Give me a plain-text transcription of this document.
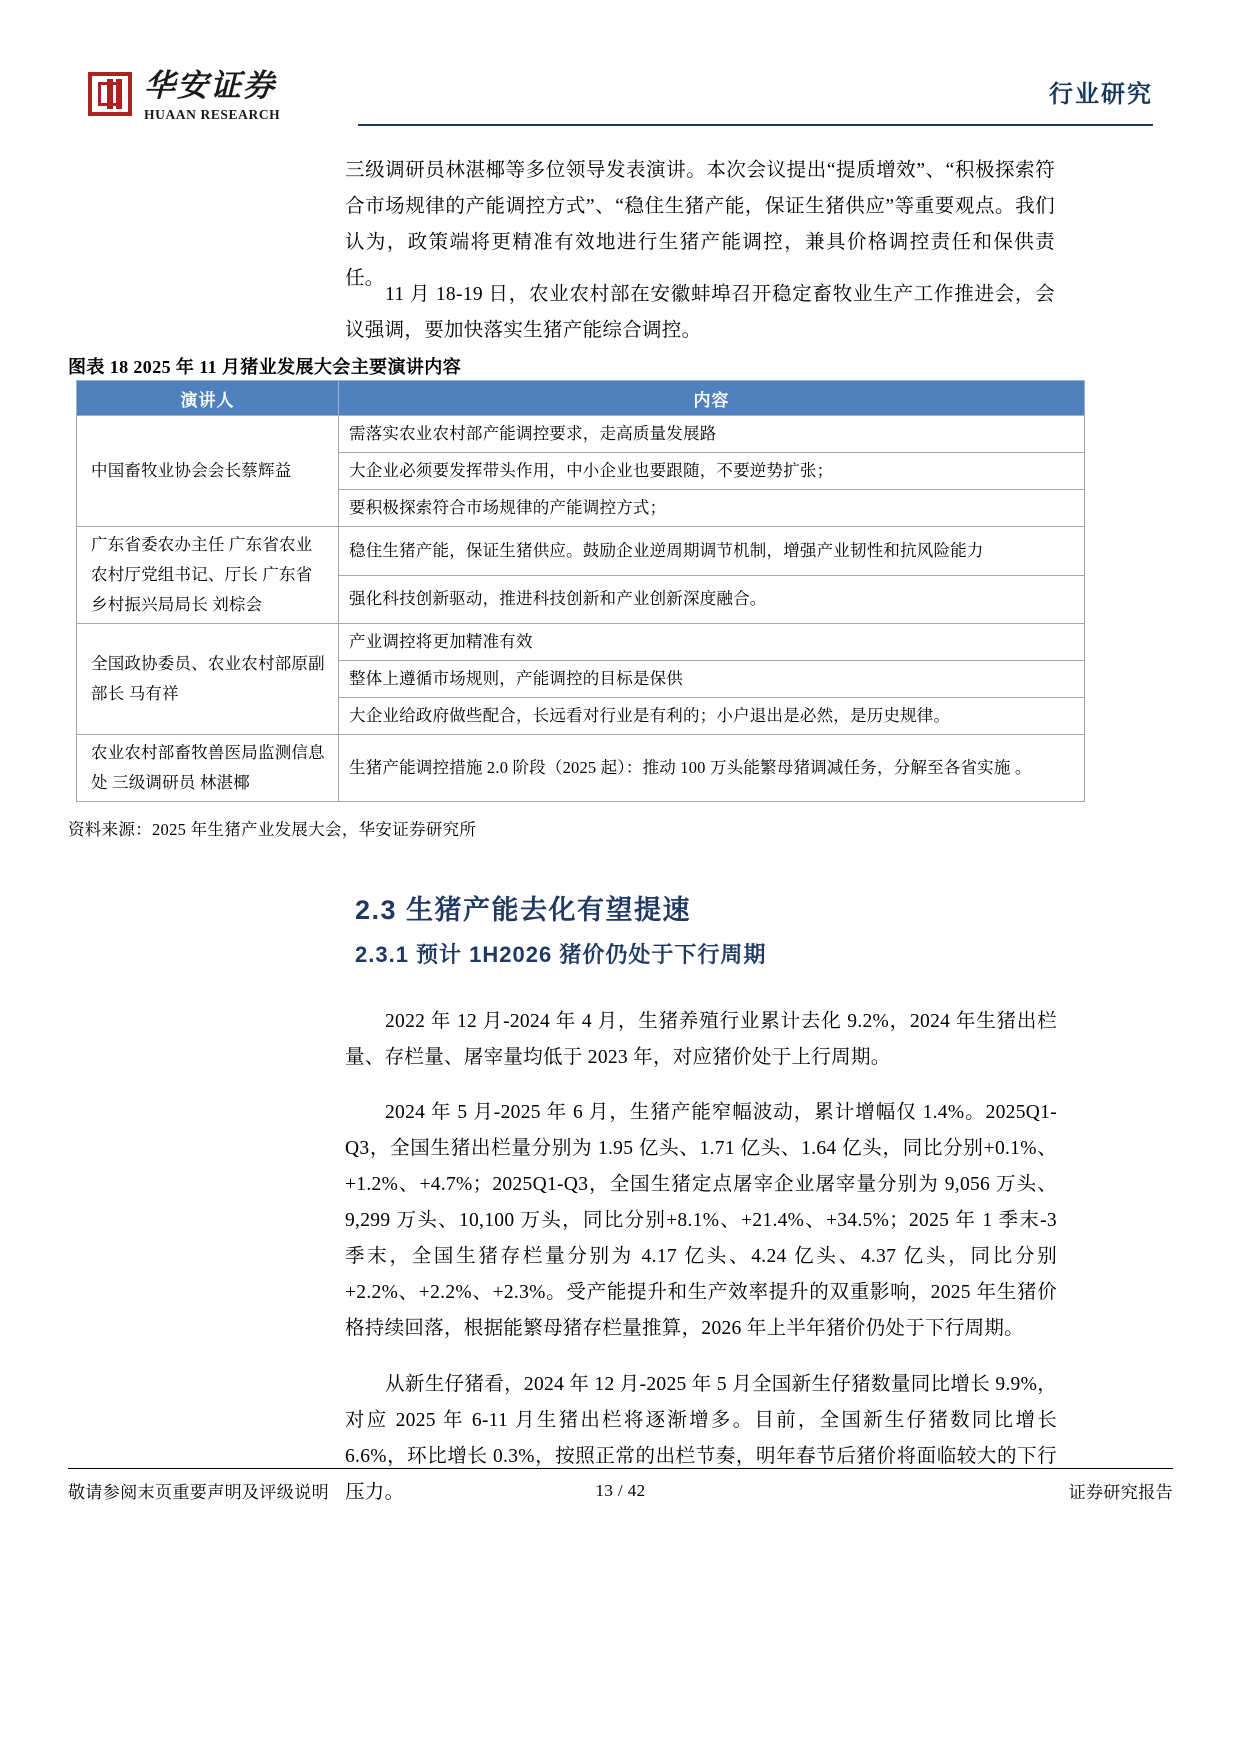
华安证券
HUAAN RESEARCH
行业研究

三级调研员林湛椰等多位领导发表演讲。本次会议提出“提质增效”、“积极探索符合市场规律的产能调控方式”、“稳住生猪产能，保证生猪供应”等重要观点。我们认为，政策端将更精准有效地进行生猪产能调控，兼具价格调控责任和保供责任。

11 月 18-19 日，农业农村部在安徽蚌埠召开稳定畜牧业生产工作推进会，会议强调，要加快落实生猪产能综合调控。

图表 18 2025 年 11 月猪业发展大会主要演讲内容
演讲人	内容
中国畜牧业协会会长蔡辉益	需落实农业农村部产能调控要求，走高质量发展路
	大企业必须要发挥带头作用，中小企业也要跟随，不要逆势扩张；
	要积极探索符合市场规律的产能调控方式；
广东省委农办主任 广东省农业农村厅党组书记、厅长 广东省乡村振兴局局长 刘棕会	稳住生猪产能，保证生猪供应。鼓励企业逆周期调节机制，增强产业韧性和抗风险能力
	强化科技创新驱动，推进科技创新和产业创新深度融合。
全国政协委员、农业农村部原副部长 马有祥	产业调控将更加精准有效
	整体上遵循市场规则，产能调控的目标是保供
	大企业给政府做些配合，长远看对行业是有利的；小户退出是必然，是历史规律。
农业农村部畜牧兽医局监测信息处 三级调研员 林湛椰	生猪产能调控措施 2.0 阶段（2025 起）：推动 100 万头能繁母猪调减任务，分解至各省实施 。
资料来源：2025 年生猪产业发展大会，华安证券研究所
2.3 生猪产能去化有望提速
2.3.1 预计 1H2026 猪价仍处于下行周期

2022 年 12 月-2024 年 4 月，生猪养殖行业累计去化 9.2%，2024 年生猪出栏量、存栏量、屠宰量均低于 2023 年，对应猪价处于上行周期。

2024 年 5 月-2025 年 6 月，生猪产能窄幅波动，累计增幅仅 1.4%。2025Q1-Q3，全国生猪出栏量分别为 1.95 亿头、1.71 亿头、1.64 亿头，同比分别+0.1%、+1.2%、+4.7%；2025Q1-Q3，全国生猪定点屠宰企业屠宰量分别为 9,056 万头、9,299 万头、10,100 万头，同比分别+8.1%、+21.4%、+34.5%；2025 年 1 季末-3 季末，全国生猪存栏量分别为 4.17 亿头、4.24 亿头、4.37 亿头，同比分别+2.2%、+2.2%、+2.3%。受产能提升和生产效率提升的双重影响，2025 年生猪价格持续回落，根据能繁母猪存栏量推算，2026 年上半年猪价仍处于下行周期。

从新生仔猪看，2024 年 12 月-2025 年 5 月全国新生仔猪数量同比增长 9.9%，对应 2025 年 6-11 月生猪出栏将逐渐增多。目前，全国新生仔猪数同比增长 6.6%，环比增长 0.3%，按照正常的出栏节奏，明年春节后猪价将面临较大的下行压力。

敬请参阅末页重要声明及评级说明	13 / 42	证券研究报告
